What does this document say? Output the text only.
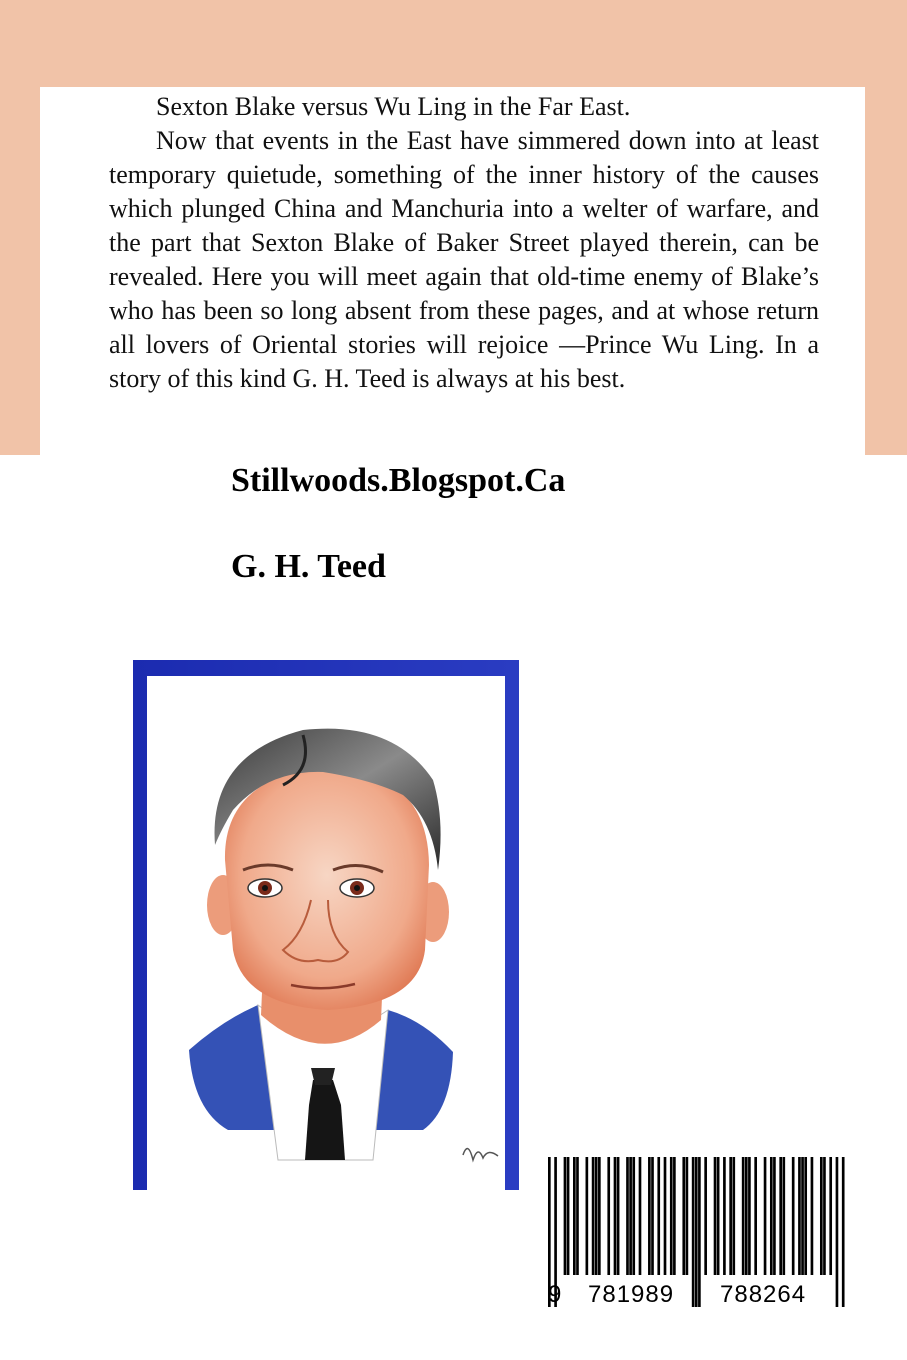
Sexton Blake versus Wu Ling in the Far East.

Now that events in the East have simmered down into at least temporary quietude, something of the inner history of the causes which plunged China and Manchuria into a welter of warfare, and the part that Sexton Blake of Baker Street played therein, can be revealed. Here you will meet again that old-time enemy of Blake’s who has been so long absent from these pages, and at whose return all lovers of Oriental stories will rejoice —Prince Wu Ling. In a story of this kind G. H. Teed is always at his best.

Stillwoods.Blogspot.Ca
G. H. Teed
9 781989 788264
